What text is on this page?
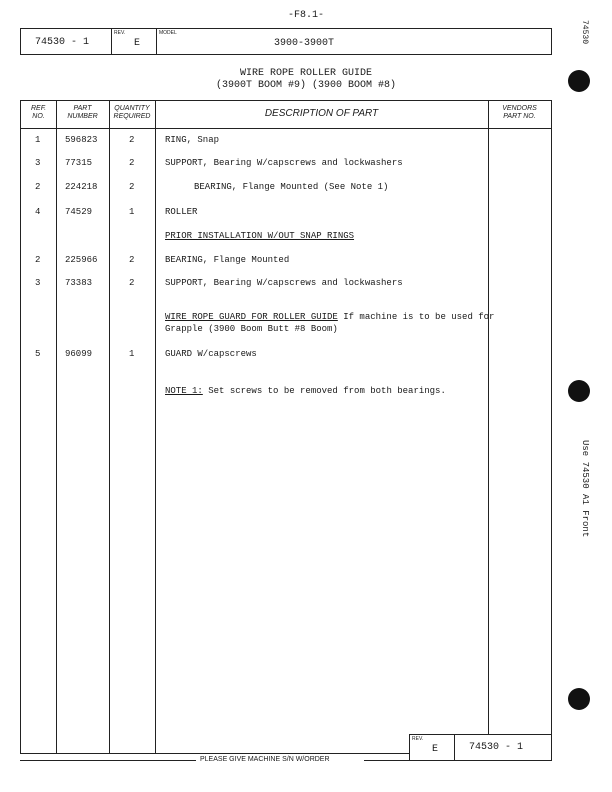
-F8.1-
74530 - 1
REV.
E
MODEL
3900-3900T
WIRE ROPE ROLLER GUIDE
(3900T BOOM #9) (3900 BOOM #8)
REF.
NO.
PART
NUMBER
QUANTITY
REQUIRED	DESCRIPTION OF PART	VENDORS
PART NO.
1	596823	2	RING, Snap
3	77315	2	SUPPORT, Bearing W/capscrews and lockwashers
2	224218	2	BEARING, Flange Mounted (See Note 1)
4	74529	1	ROLLER
PRIOR INSTALLATION W/OUT SNAP RINGS
2	225966	2	BEARING, Flange Mounted
3	73383	2	SUPPORT, Bearing W/capscrews and lockwashers
WIRE ROPE GUARD FOR ROLLER GUIDE If machine is to be used for
Grapple (3900 Boom Butt #8 Boom)
5	96099	1	GUARD W/capscrews
NOTE 1: Set screws to be removed from both bearings.
REV.
E	74530 - 1
PLEASE GIVE MACHINE S/N W/ORDER
74530
Use 74530 A1 Front
